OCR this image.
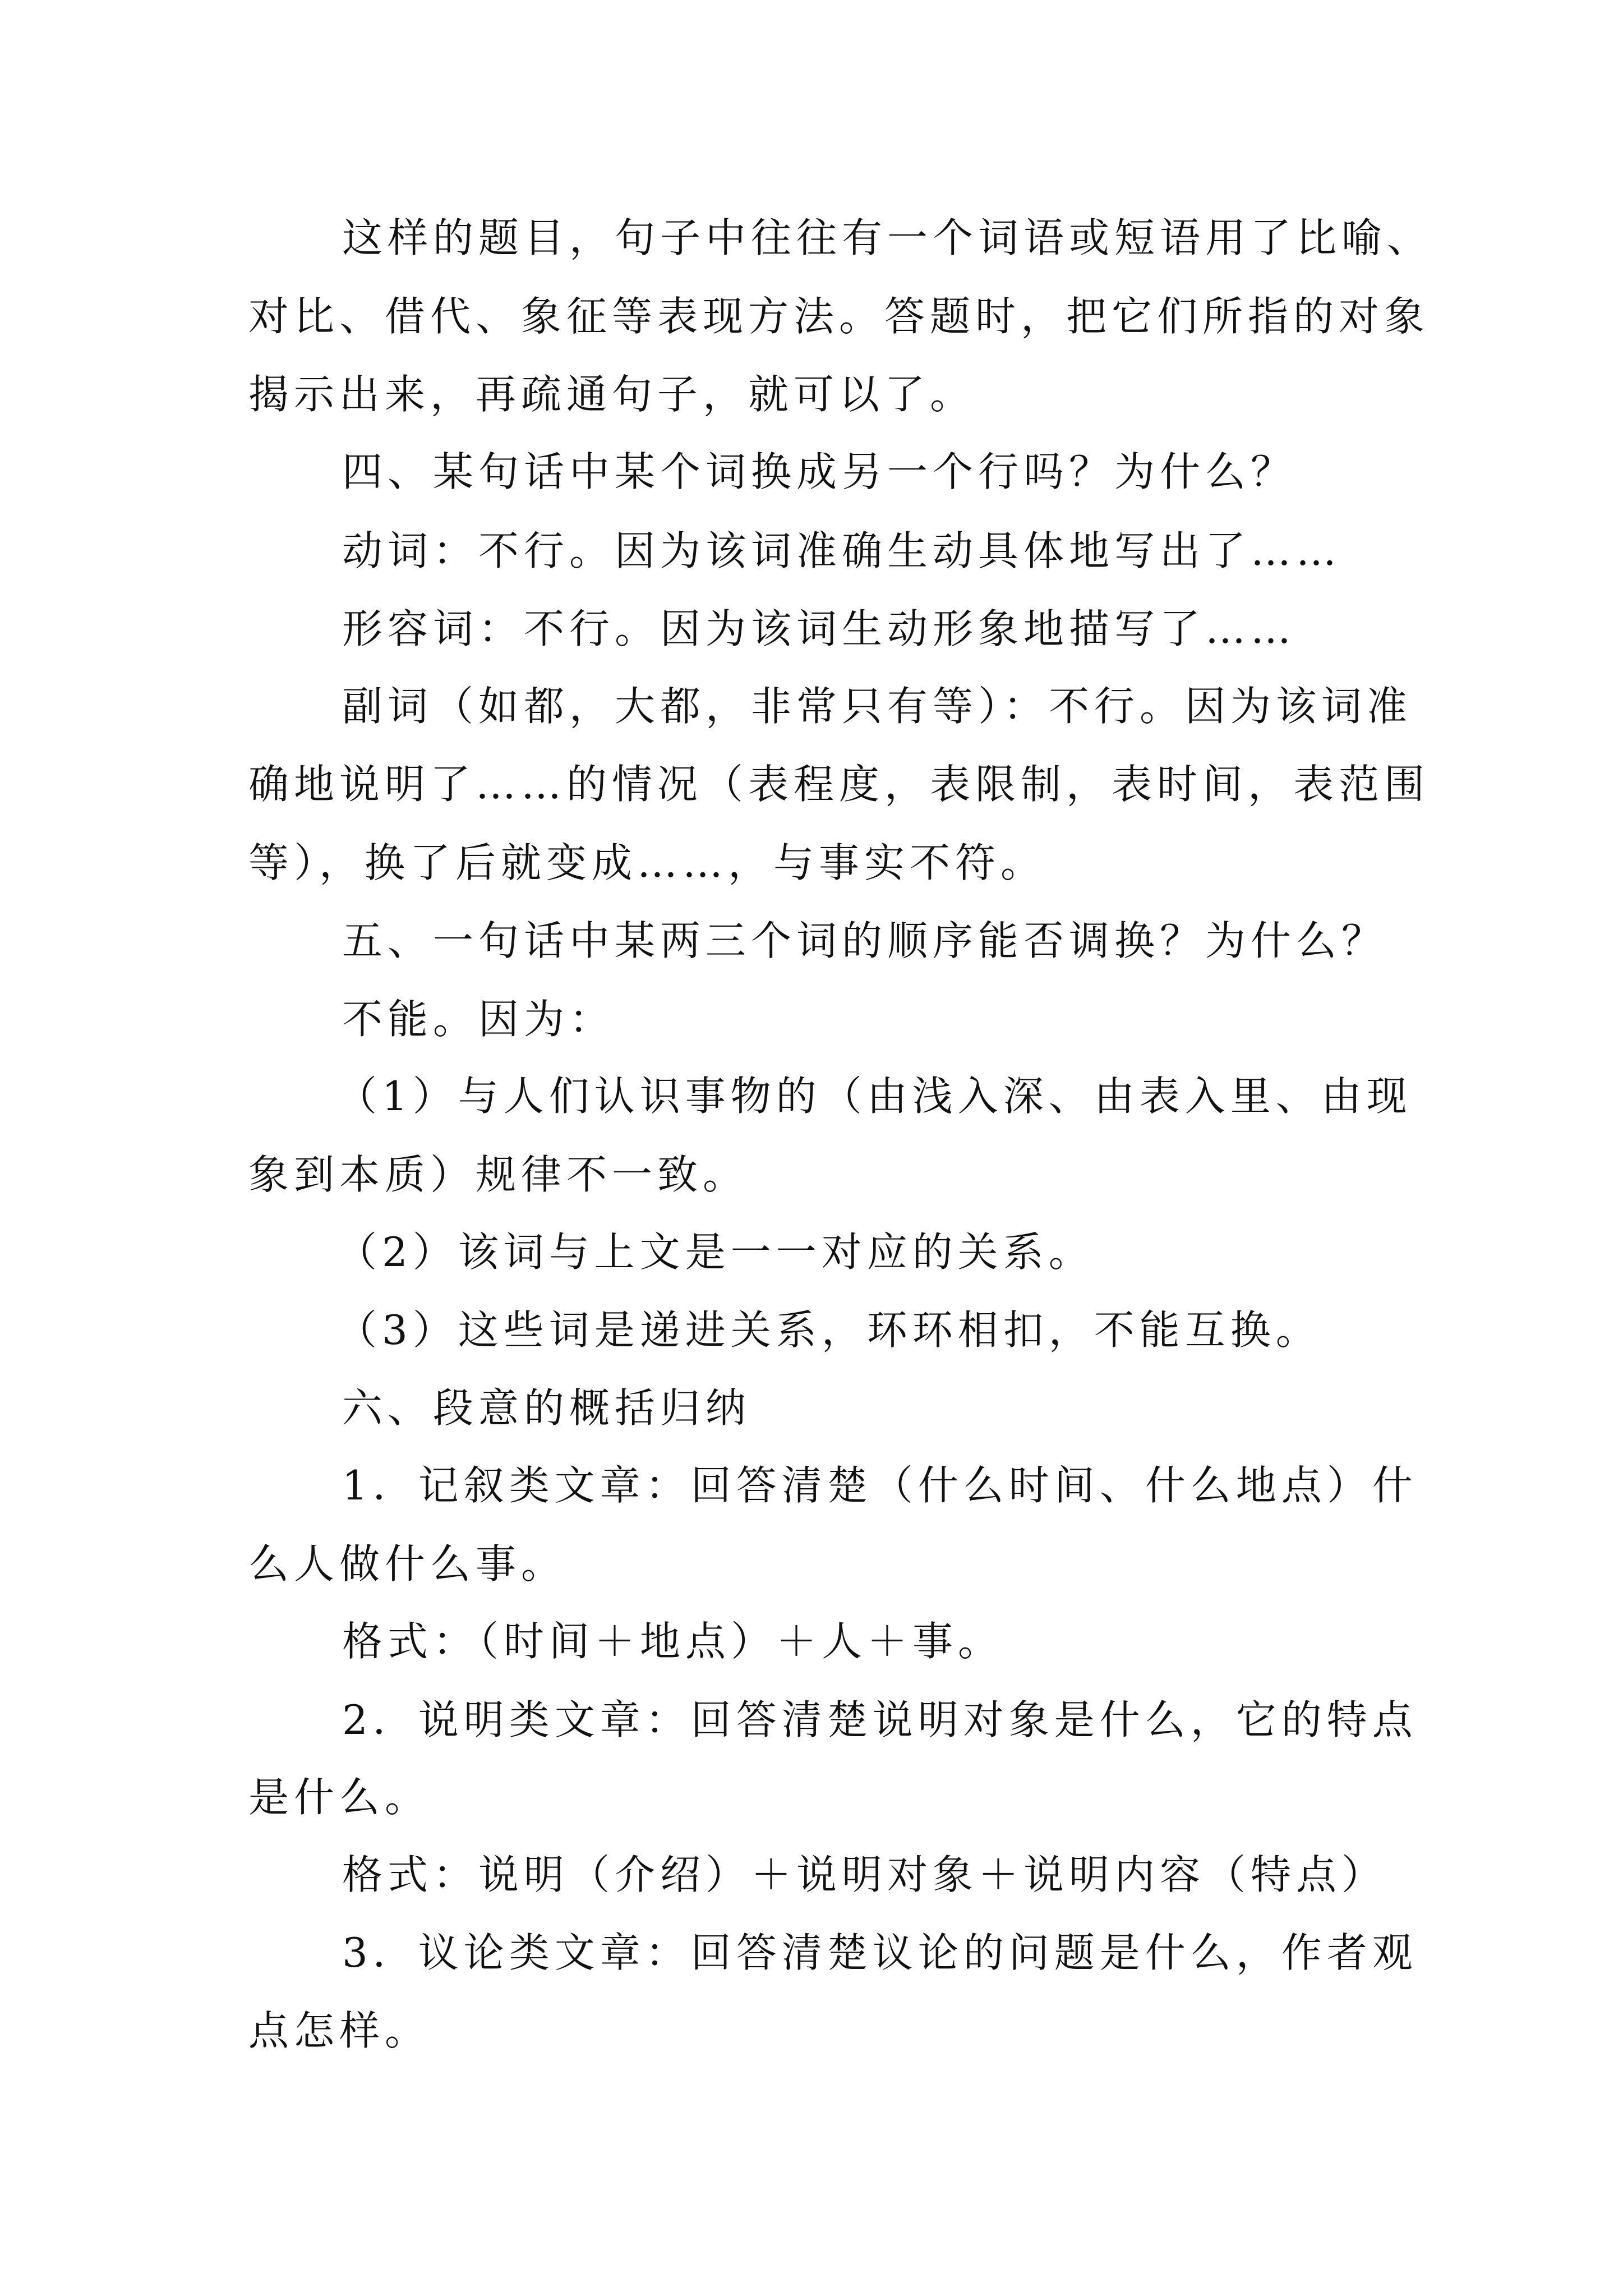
这样的题目，句子中往往有一个词语或短语用了比喻、
对比、借代、象征等表现方法。答题时，把它们所指的对象
揭示出来，再疏通句子，就可以了。
四、某句话中某个词换成另一个行吗？为什么？
动词：不行。因为该词准确生动具体地写出了……
形容词：不行。因为该词生动形象地描写了……
副词（如都，大都，非常只有等）：不行。因为该词准
确地说明了……的情况（表程度，表限制，表时间，表范围
等），换了后就变成……，与事实不符。
五、一句话中某两三个词的顺序能否调换？为什么？
不能。因为：
（1）与人们认识事物的（由浅入深、由表入里、由现
象到本质）规律不一致。
（2）该词与上文是一一对应的关系。
（3）这些词是递进关系，环环相扣，不能互换。
六、段意的概括归纳
1．记叙类文章：回答清楚（什么时间、什么地点）什
么人做什么事。
格式：（时间＋地点）＋人＋事。
2．说明类文章：回答清楚说明对象是什么，它的特点
是什么。
格式：说明（介绍）＋说明对象＋说明内容（特点）
3．议论类文章：回答清楚议论的问题是什么，作者观
点怎样。
